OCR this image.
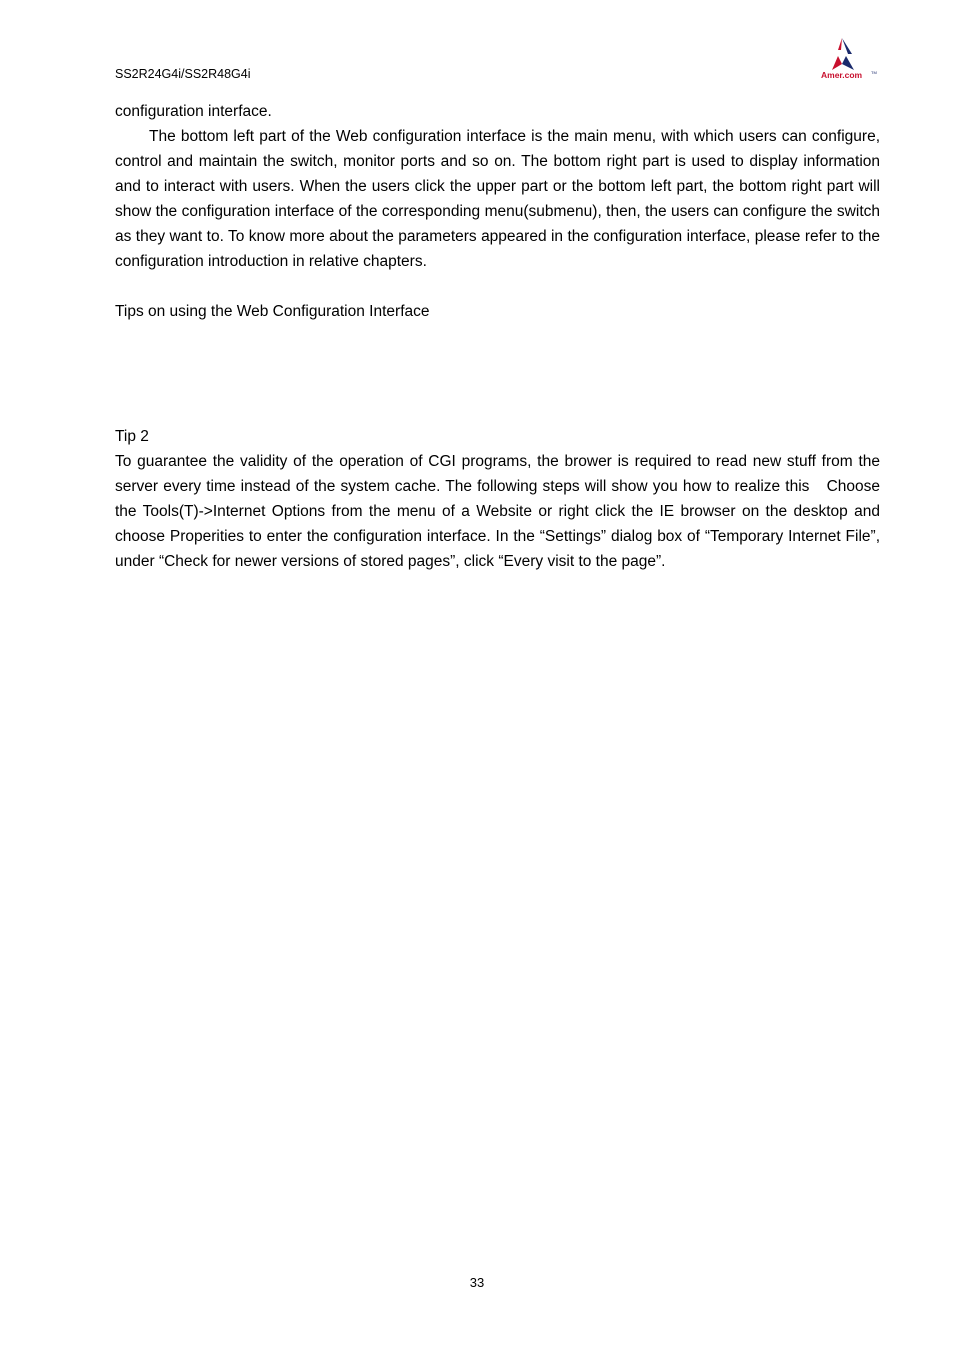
SS2R24G4i/SS2R48G4i	Amer.com TM

configuration interface.

The bottom left part of the Web configuration interface is the main menu, with which users can configure, control and maintain the switch, monitor ports and so on. The bottom right part is used to display information and to interact with users. When the users click the upper part or the bottom left part, the bottom right part will show the configuration interface of the corresponding menu(submenu), then, the users can configure the switch as they want to. To know more about the parameters appeared in the configuration interface, please refer to the configuration introduction in relative chapters.

Tips on using the Web Configuration Interface

Tip 2

To guarantee the validity of the operation of CGI programs, the brower is required to read new stuff from the server every time instead of the system cache. The following steps will show you how to realize this　Choose the Tools(T)->Internet Options from the menu of a Website or right click the IE browser on the desktop and choose Properities to enter the configuration interface. In the “Settings” dialog box of “Temporary Internet File”, under “Check for newer versions of stored pages”, click “Every visit to the page”.

33
